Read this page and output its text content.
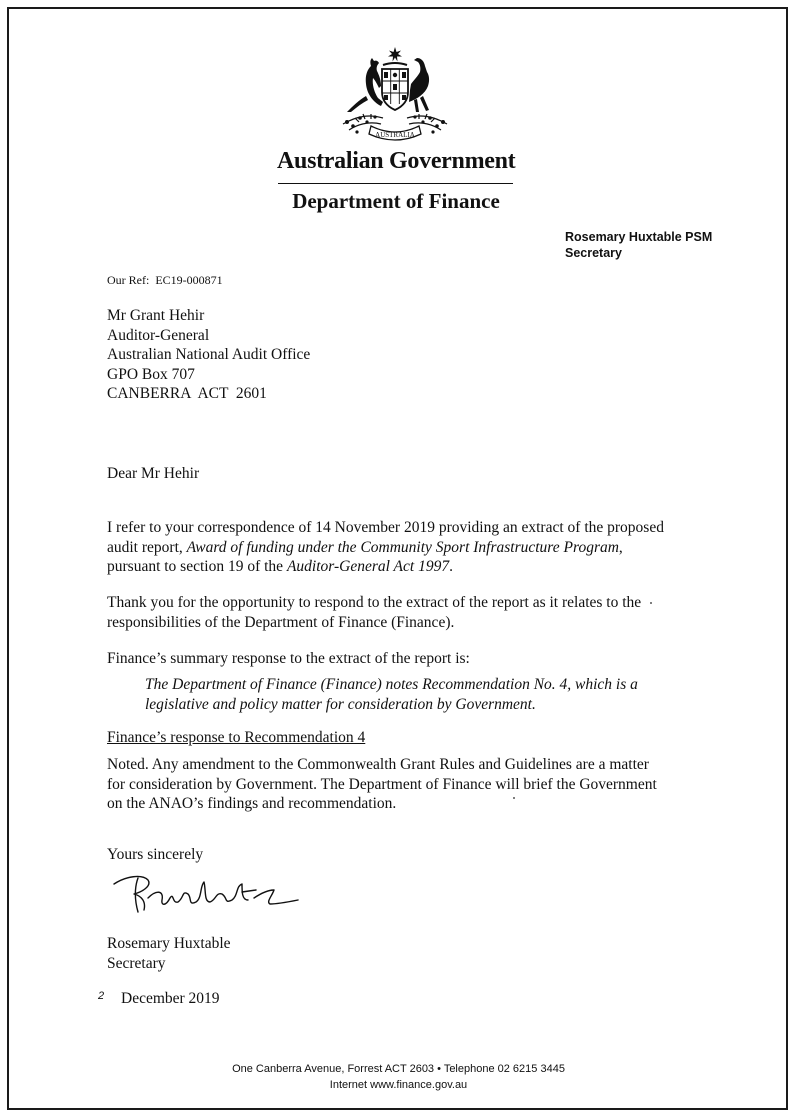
AUSTRALIA
Australian Government
Department of Finance
Rosemary Huxtable PSM
Secretary
Our Ref: EC19-000871
Mr Grant Hehir
Auditor-General
Australian National Audit Office
GPO Box 707
CANBERRA  ACT  2601
Dear Mr Hehir
I refer to your correspondence of 14 November 2019 providing an extract of the proposed
audit report, Award of funding under the Community Sport Infrastructure Program,
pursuant to section 19 of the Auditor-General Act 1997.
Thank you for the opportunity to respond to the extract of the report as it relates to the
responsibilities of the Department of Finance (Finance).
Finance’s summary response to the extract of the report is:
The Department of Finance (Finance) notes Recommendation No. 4, which is a
legislative and policy matter for consideration by Government.
Finance’s response to Recommendation 4
Noted. Any amendment to the Commonwealth Grant Rules and Guidelines are a matter
for consideration by Government. The Department of Finance will brief the Government
on the ANAO’s findings and recommendation.
Yours sincerely
Rosemary Huxtable
Secretary
2 December 2019
One Canberra Avenue, Forrest ACT 2603 • Telephone 02 6215 3445
Internet www.finance.gov.au
